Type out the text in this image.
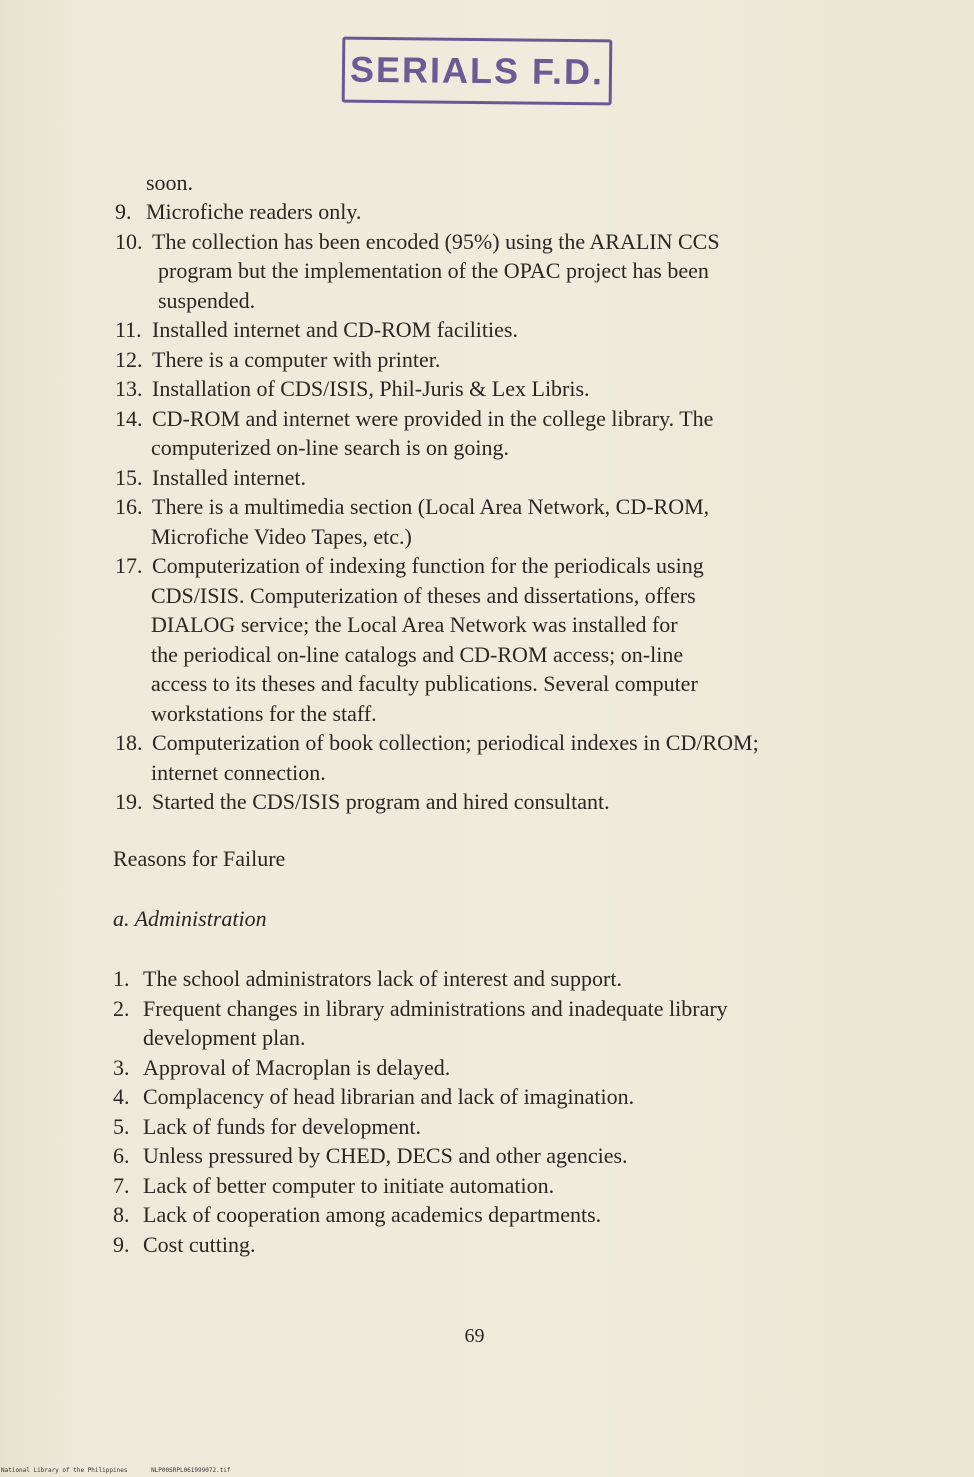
SERIALS F.D.
soon.
9. Microfiche readers only.
10. The collection has been encoded (95%) using the ARALIN CCS
program but the implementation of the OPAC project has been
suspended.
11. Installed internet and CD-ROM facilities.
12. There is a computer with printer.
13. Installation of CDS/ISIS, Phil-Juris & Lex Libris.
14. CD-ROM and internet were provided in the college library. The
computerized on-line search is on going.
15. Installed internet.
16. There is a multimedia section (Local Area Network, CD-ROM,
Microfiche Video Tapes, etc.)
17. Computerization of indexing function for the periodicals using
CDS/ISIS. Computerization of theses and dissertations, offers
DIALOG service; the Local Area Network was installed for
the periodical on-line catalogs and CD-ROM access; on-line
access to its theses and faculty publications. Several computer
workstations for the staff.
18. Computerization of book collection; periodical indexes in CD/ROM;
internet connection.
19. Started the CDS/ISIS program and hired consultant.
Reasons for Failure
a. Administration
1. The school administrators lack of interest and support.
2. Frequent changes in library administrations and inadequate library
development plan.
3. Approval of Macroplan is delayed.
4. Complacency of head librarian and lack of imagination.
5. Lack of funds for development.
6. Unless pressured by CHED, DECS and other agencies.
7. Lack of better computer to initiate automation.
8. Lack of cooperation among academics departments.
9. Cost cutting.
69
National Library of the Philippines	NLP00SRPL061999072.tif
